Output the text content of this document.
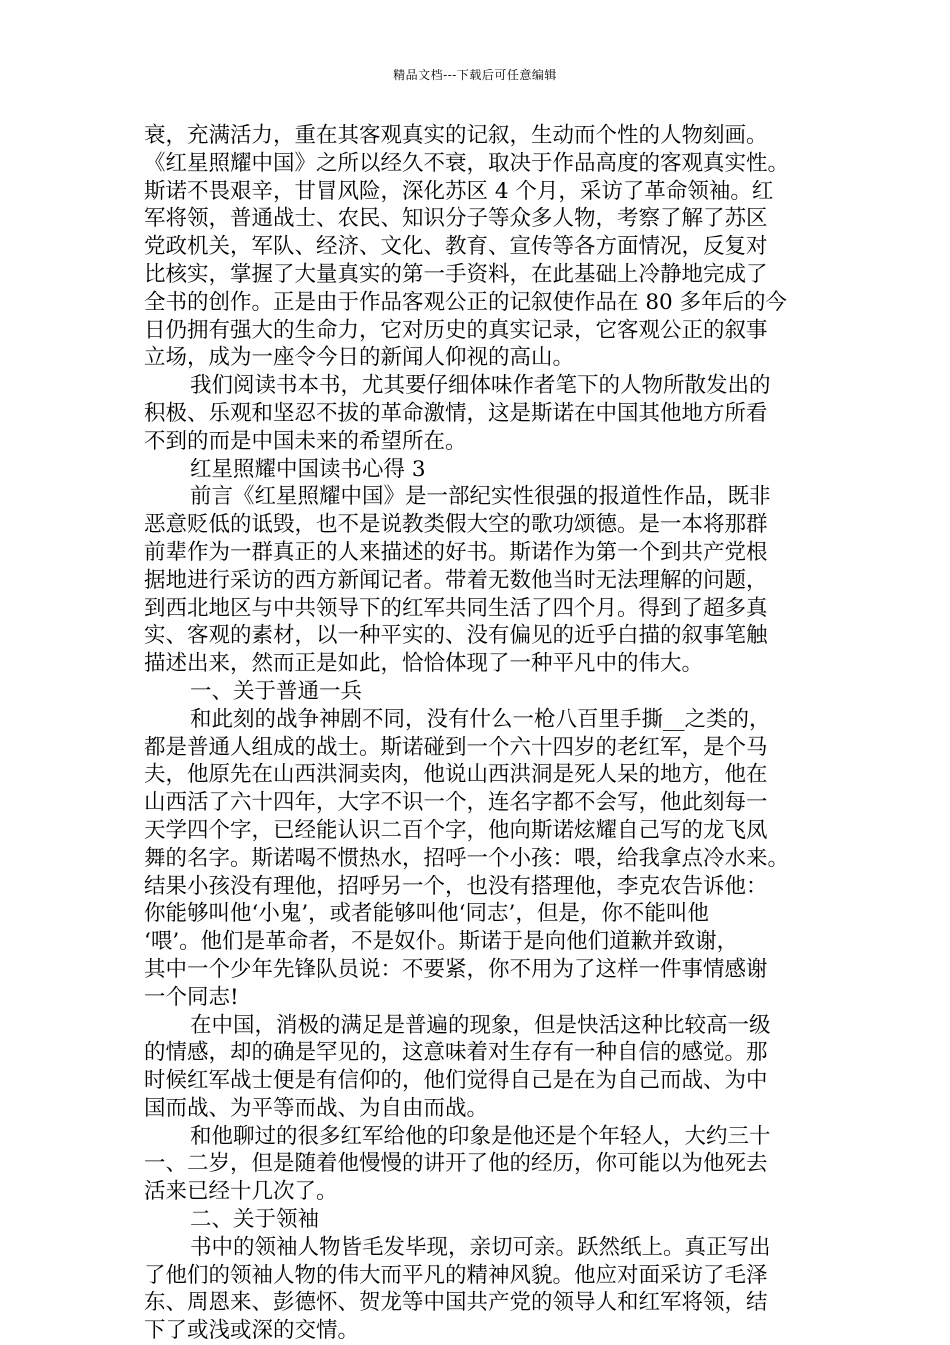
精品文档---下载后可任意编辑
衰，充满活力，重在其客观真实的记叙，生动而个性的人物刻画。
《红星照耀中国》之所以经久不衰，取决于作品高度的客观真实性。
斯诺不畏艰辛，甘冒风险，深化苏区 4 个月，采访了革命领袖。红
军将领，普通战士、农民、知识分子等众多人物，考察了解了苏区
党政机关，军队、经济、文化、教育、宣传等各方面情况，反复对
比核实，掌握了大量真实的第一手资料，在此基础上冷静地完成了
全书的创作。正是由于作品客观公正的记叙使作品在 80 多年后的今
日仍拥有强大的生命力，它对历史的真实记录，它客观公正的叙事
立场，成为一座令今日的新闻人仰视的高山。
我们阅读书本书，尤其要仔细体味作者笔下的人物所散发出的
积极、乐观和坚忍不拔的革命激情，这是斯诺在中国其他地方所看
不到的而是中国未来的希望所在。
红星照耀中国读书心得 3
前言《红星照耀中国》是一部纪实性很强的报道性作品，既非
恶意贬低的诋毁，也不是说教类假大空的歌功颂德。是一本将那群
前辈作为一群真正的人来描述的好书。斯诺作为第一个到共产党根
据地进行采访的西方新闻记者。带着无数他当时无法理解的问题，
到西北地区与中共领导下的红军共同生活了四个月。得到了超多真
实、客观的素材，以一种平实的、没有偏见的近乎白描的叙事笔触
描述出来，然而正是如此，恰恰体现了一种平凡中的伟大。
一、关于普通一兵
和此刻的战争神剧不同，没有什么一枪八百里手撕__之类的，
都是普通人组成的战士。斯诺碰到一个六十四岁的老红军，是个马
夫，他原先在山西洪洞卖肉，他说山西洪洞是死人呆的地方，他在
山西活了六十四年，大字不识一个，连名字都不会写，他此刻每一
天学四个字，已经能认识二百个字，他向斯诺炫耀自己写的龙飞凤
舞的名字。斯诺喝不惯热水，招呼一个小孩：喂，给我拿点冷水来。
结果小孩没有理他，招呼另一个，也没有搭理他，李克农告诉他：
你能够叫他‘小鬼’，或者能够叫他‘同志’，但是，你不能叫他
‘喂’。他们是革命者，不是奴仆。斯诺于是向他们道歉并致谢，
其中一个少年先锋队员说：不要紧，你不用为了这样一件事情感谢
一个同志!
在中国，消极的满足是普遍的现象，但是快活这种比较高一级
的情感，却的确是罕见的，这意味着对生存有一种自信的感觉。那
时候红军战士便是有信仰的，他们觉得自己是在为自己而战、为中
国而战、为平等而战、为自由而战。
和他聊过的很多红军给他的印象是他还是个年轻人，大约三十
一、二岁，但是随着他慢慢的讲开了他的经历，你可能以为他死去
活来已经十几次了。
二、关于领袖
书中的领袖人物皆毛发毕现，亲切可亲。跃然纸上。真正写出
了他们的领袖人物的伟大而平凡的精神风貌。他应对面采访了毛泽
东、周恩来、彭德怀、贺龙等中国共产党的领导人和红军将领，结
下了或浅或深的交情。
